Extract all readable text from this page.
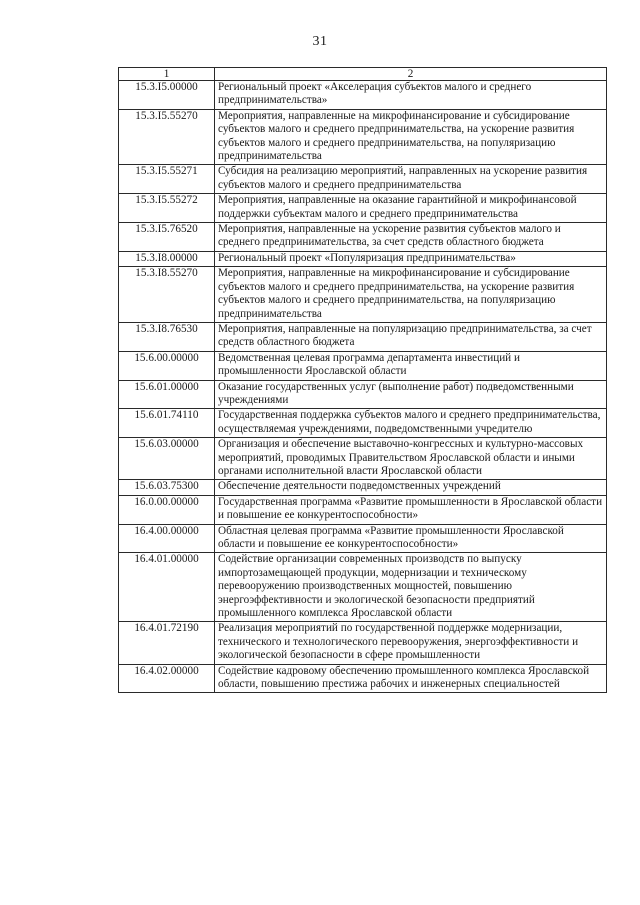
31
1	2
15.3.I5.00000	Региональный проект «Акселерация субъектов малого и среднего предпринимательства»
15.3.I5.55270	Мероприятия, направленные на микрофинансирование и субсидирование субъектов малого и среднего предпринимательства, на ускорение развития субъектов малого и среднего предпринимательства, на популяризацию предпринимательства
15.3.I5.55271	Субсидия на реализацию мероприятий, направленных на ускорение развития субъектов малого и среднего предпринимательства
15.3.I5.55272	Мероприятия, направленные на оказание гарантийной и микрофинансовой поддержки субъектам малого и среднего предпринимательства
15.3.I5.76520	Мероприятия, направленные на ускорение развития субъектов малого и среднего предпринимательства, за счет средств областного бюджета
15.3.I8.00000	Региональный проект «Популяризация предпринимательства»
15.3.I8.55270	Мероприятия, направленные на микрофинансирование и субсидирование субъектов малого и среднего предпринимательства, на ускорение развития субъектов малого и среднего предпринимательства, на популяризацию предпринимательства
15.3.I8.76530	Мероприятия, направленные на популяризацию предпринимательства, за счет средств областного бюджета
15.6.00.00000	Ведомственная целевая программа департамента инвестиций и промышленности Ярославской области
15.6.01.00000	Оказание государственных услуг (выполнение работ) подведомственными учреждениями
15.6.01.74110	Государственная поддержка субъектов малого и среднего предпринимательства, осуществляемая учреждениями, подведомственными учредителю
15.6.03.00000	Организация и обеспечение выставочно-конгрессных и культурно-массовых мероприятий, проводимых Правительством Ярославской области и иными органами исполнительной власти Ярославской области
15.6.03.75300	Обеспечение деятельности подведомственных учреждений
16.0.00.00000	Государственная программа «Развитие промышленности в Ярославской области и повышение ее конкурентоспособности»
16.4.00.00000	Областная целевая программа «Развитие промышленности Ярославской области и повышение ее конкурентоспособности»
16.4.01.00000	Содействие организации современных производств по выпуску импортозамещающей продукции, модернизации и техническому перевооружению производственных мощностей, повышению энергоэффективности и экологической безопасности предприятий промышленного комплекса Ярославской области
16.4.01.72190	Реализация мероприятий по государственной поддержке модернизации, технического и технологического перевооружения, энергоэффективности и экологической безопасности в сфере промышленности
16.4.02.00000	Содействие кадровому обеспечению промышленного комплекса Ярославской области, повышению престижа рабочих и инженерных специальностей
